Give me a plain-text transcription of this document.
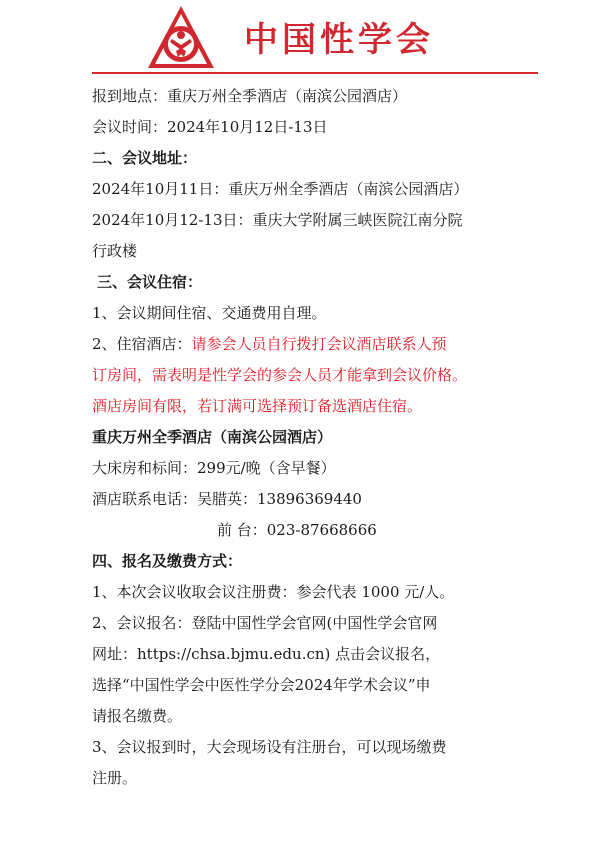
C	S 中国性学会
报到地点：重庆万州全季酒店（南滨公园酒店）
会议时间：2024年10月12日-13日
二、会议地址：
2024年10月11日：重庆万州全季酒店（南滨公园酒店）
2024年10月12-13日：重庆大学附属三峡医院江南分院
行政楼
三、会议住宿：
1、会议期间住宿、交通费用自理。
2、住宿酒店：请参会人员自行拨打会议酒店联系人预
订房间，需表明是性学会的参会人员才能拿到会议价格。
酒店房间有限，若订满可选择预订备选酒店住宿。
重庆万州全季酒店（南滨公园酒店）
大床房和标间：299元/晚（含早餐）
酒店联系电话：吴腊英：13896369440
前 台：023-87668666
四、报名及缴费方式：
1、本次会议收取会议注册费：参会代表 1000 元/人。
2、会议报名：登陆中国性学会官网(中国性学会官网
网址：https://chsa.bjmu.edu.cn) 点击会议报名，
选择“中国性学会中医性学分会2024年学术会议”申
请报名缴费。
3、会议报到时，大会现场设有注册台，可以现场缴费
注册。
